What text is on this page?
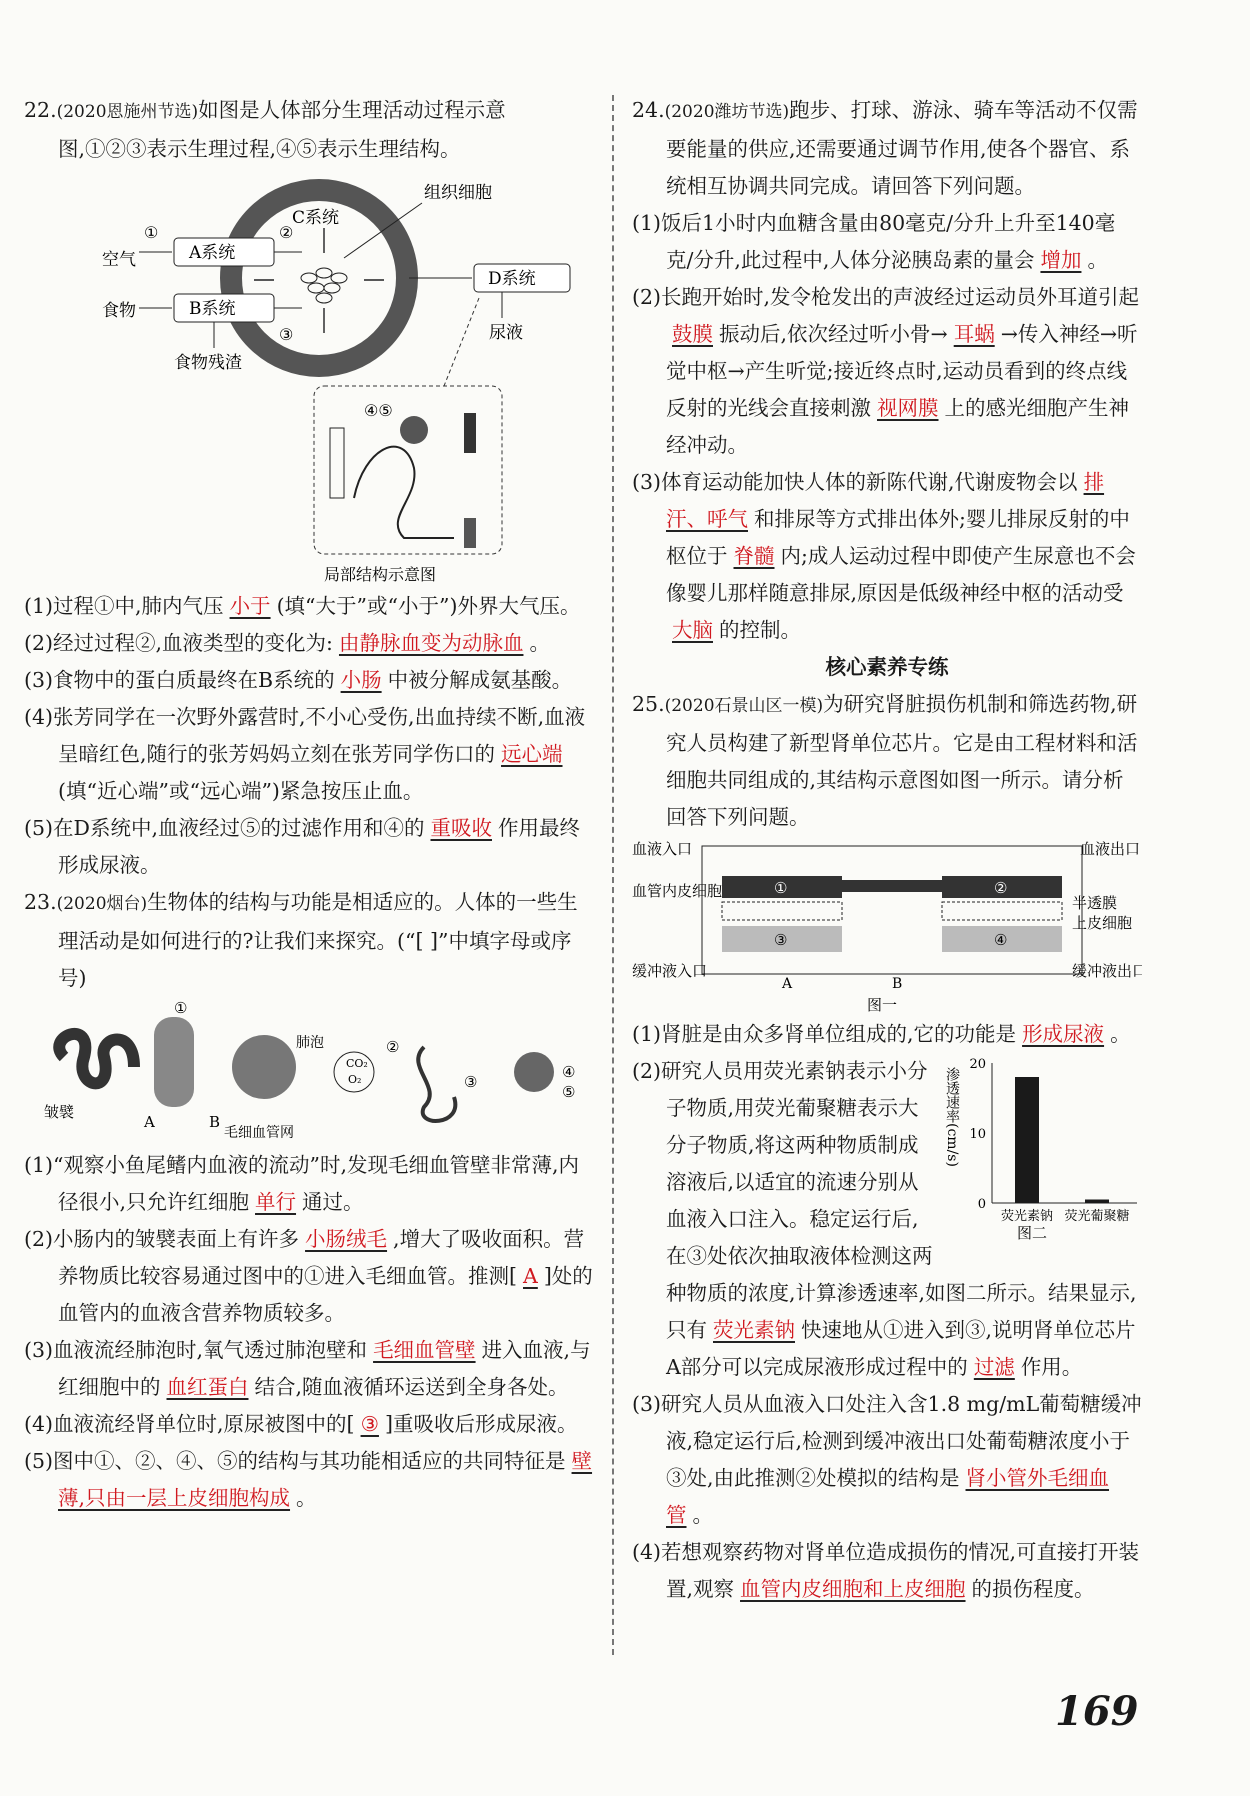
22.(2020恩施州节选)如图是人体部分生理活动过程示意图,①②③表示生理过程,④⑤表示生理结构。

C系统
组织细胞
A系统
空气
①	②
B系统
食物
③
食物残渣
D系统
尿液
④⑤
局部结构示意图

(1)过程①中,肺内气压 小于 (填“大于”或“小于”)外界大气压。

(2)经过过程②,血液类型的变化为: 由静脉血变为动脉血 。

(3)食物中的蛋白质最终在B系统的 小肠 中被分解成氨基酸。

(4)张芳同学在一次野外露营时,不小心受伤,出血持续不断,血液呈暗红色,随行的张芳妈妈立刻在张芳同学伤口的 远心端(填“近心端”或“远心端”)紧急按压止血。

(5)在D系统中,血液经过⑤的过滤作用和④的 重吸收 作用最终形成尿液。

23.(2020烟台)生物体的结构与功能是相适应的。人体的一些生理活动是如何进行的?让我们来探究。(“[ ]”中填字母或序号)

皱襞
①
A	B
毛细血管网
肺泡
CO₂
O₂
②
③
④
⑤

(1)“观察小鱼尾鳍内血液的流动”时,发现毛细血管壁非常薄,内径很小,只允许红细胞 单行 通过。

(2)小肠内的皱襞表面上有许多 小肠绒毛 ,增大了吸收面积。营养物质比较容易通过图中的①进入毛细血管。推测[ A ]处的血管内的血液含营养物质较多。

(3)血液流经肺泡时,氧气透过肺泡壁和 毛细血管壁 进入血液,与红细胞中的 血红蛋白 结合,随血液循环运送到全身各处。

(4)血液流经肾单位时,原尿被图中的[ ③ ]重吸收后形成尿液。

(5)图中①、②、④、⑤的结构与其功能相适应的共同特征是 壁薄,只由一层上皮细胞构成 。

24.(2020潍坊节选)跑步、打球、游泳、骑车等活动不仅需要能量的供应,还需要通过调节作用,使各个器官、系统相互协调共同完成。请回答下列问题。

(1)饭后1小时内血糖含量由80毫克/分升上升至140毫克/分升,此过程中,人体分泌胰岛素的量会 增加 。

(2)长跑开始时,发令枪发出的声波经过运动员外耳道引起鼓膜 振动后,依次经过听小骨→ 耳蜗 →传入神经→听觉中枢→产生听觉;接近终点时,运动员看到的终点线反射的光线会直接刺激 视网膜 上的感光细胞产生神经冲动。

(3)体育运动能加快人体的新陈代谢,代谢废物会以 排汗、呼气 和排尿等方式排出体外;婴儿排尿反射的中枢位于 脊髓 内;成人运动过程中即使产生尿意也不会像婴儿那样随意排尿,原因是低级神经中枢的活动受大脑 的控制。

核心素养专练

25.(2020石景山区一模)为研究肾脏损伤机制和筛选药物,研究人员构建了新型肾单位芯片。它是由工程材料和活细胞共同组成的,其结构示意图如图一所示。请分析回答下列问题。

血液入口	血液出口
①	②
③	④
血管内皮细胞
半透膜
上皮细胞
缓冲液入口	缓冲液出口
A	B
图一

(1)肾脏是由众多肾单位组成的,它的功能是 形成尿液 。

渗透速率(cm/s)
图二
0
10
20
荧光素钠 荧光葡聚糖

(2)研究人员用荧光素钠表示小分子物质,用荧光葡聚糖表示大分子物质,将这两种物质制成溶液后,以适宜的流速分别从血液入口注入。稳定运行后,在③处依次抽取液体检测这两种物质的浓度,计算渗透速率,如图二所示。结果显示,只有 荧光素钠 快速地从①进入到③,说明肾单位芯片A部分可以完成尿液形成过程中的 过滤 作用。

(3)研究人员从血液入口处注入含1.8 mg/mL葡萄糖缓冲液,稳定运行后,检测到缓冲液出口处葡萄糖浓度小于③处,由此推测②处模拟的结构是 肾小管外毛细血管 。

(4)若想观察药物对肾单位造成损伤的情况,可直接打开装置,观察 血管内皮细胞和上皮细胞 的损伤程度。

169
